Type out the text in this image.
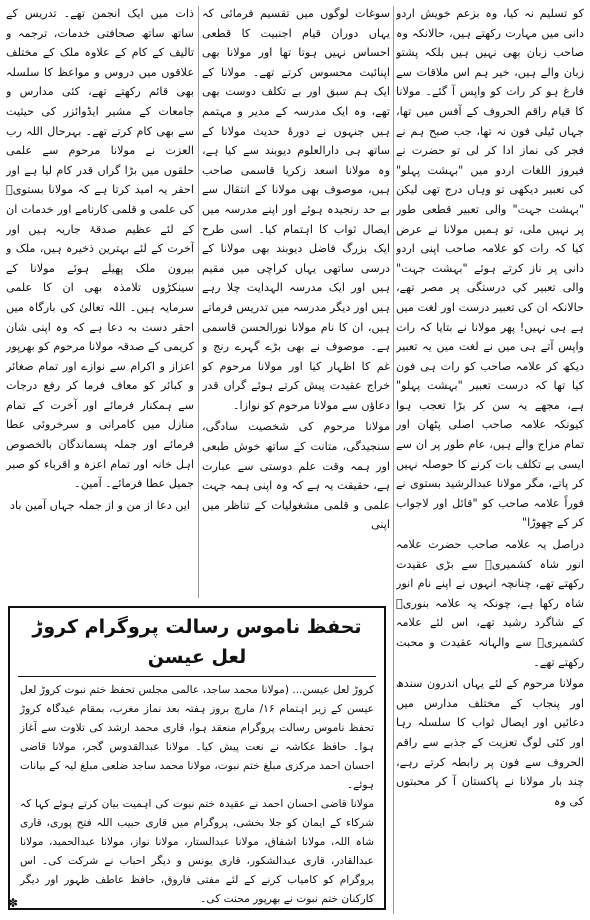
کو تسلیم نہ کیا، وہ بزعم خویش اردو دانی میں مہارت رکھتے ہیں، حالانکہ وہ صاحب زبان بھی نہیں ہیں بلکہ پشتو زبان والے ہیں، خیر ہم اس ملاقات سے فارغ ہو کر رات کو واپس آ گئے۔ مولانا کا قیام راقم الحروف کے آفس میں تھا، جہاں ٹیلی فون نہ تھا، جب صبح ہم نے فجر کی نماز ادا کر لی تو حضرت نے فیروز اللغات اردو میں "بہشت پہلو" کی تعبیر دیکھی تو وہاں درج تھی لیکن "بہشت جہت" والی تعبیر قطعی طور پر نہیں ملی، تو ہمیں مولانا نے عرض کیا کہ رات کو علامہ صاحب اپنی اردو دانی پر ناز کرتے ہوئے "بہشت جہت" والی تعبیر کی درستگی پر مصر تھے، حالانکہ ان کی تعبیر درست اور لغت میں ہے ہی نہیں! پھر مولانا نے بتایا کہ رات واپس آتے ہی میں نے لغت میں یہ تعبیر دیکھ کر علامہ صاحب کو رات ہی فون کیا تھا کہ درست تعبیر "بہشت پہلو" ہے، مجھے یہ سن کر بڑا تعجب ہوا کیونکہ علامہ صاحب اصلی پٹھان اور تمام مزاج والے ہیں، عام طور پر ان سے ایسی بے تکلف بات کرنے کا حوصلہ نہیں کر پاتے، مگر مولانا عبدالرشید بستوی نے فوراً علامہ صاحب کو "قائل اور لاجواب کر کے چھوڑا"

دراصل یہ علامہ صاحب حضرت علامہ انور شاہ کشمیریؒ سے بڑی عقیدت رکھتے تھے، چنانچہ انہوں نے اپنے نام انور شاہ رکھا ہے، چونکہ یہ علامہ بنوریؒ کے شاگرد رشید تھے، اس لئے علامہ کشمیریؒ سے والہانہ عقیدت و محبت رکھتے تھے۔

مولانا مرحوم کے لئے یہاں اندرون سندھ اور پنجاب کے مختلف مدارس میں دعائیں اور ایصال ثواب کا سلسلہ رہا اور کئی لوگ تعزیت کے جذبے سے راقم الحروف سے فون پر رابطہ کرتے رہے، چند بار مولانا نے پاکستان آ کر محبتوں کی وہ

سوغات لوگوں میں تقسیم فرمائی کہ یہاں دوران قیام اجنبیت کا قطعی احساس نہیں ہوتا تھا اور مولانا بھی اپنائیت محسوس کرتے تھے۔ مولانا کے ایک ہم سبق اور بے تکلف دوست بھی تھے، وہ ایک مدرسہ کے مدیر و مہتمم ہیں جنہوں نے دورۂ حدیث مولانا کے ساتھ ہی دارالعلوم دیوبند سے کیا ہے، وہ مولانا اسعد زکریا قاسمی صاحب ہیں، موصوف بھی مولانا کے انتقال سے بے حد رنجیدہ ہوئے اور اپنے مدرسہ میں ایصال ثواب کا اہتمام کیا۔ اسی طرح ایک بزرگ فاضل دیوبند بھی مولانا کے درسی ساتھی یہاں کراچی میں مقیم ہیں اور ایک مدرسہ الہدایت چلا رہے ہیں اور دیگر مدرسہ میں تدریس فرماتے ہیں، ان کا نام مولانا نورالحسن قاسمی ہے۔ موصوف نے بھی بڑے گہرے رنج و غم کا اظہار کیا اور مولانا مرحوم کو خراج عقیدت پیش کرتے ہوئے گراں قدر دعاؤں سے مولانا مرحوم کو نوازا۔

مولانا مرحوم کی شخصیت سادگی، سنجیدگی، متانت کے ساتھ خوش طبعی اور ہمہ وقت علم دوستی سے عبارت ہے، حقیقت یہ ہے کہ وہ اپنی ہمہ جہت علمی و قلمی مشغولیات کے تناظر میں اپنی

ذات میں ایک انجمن تھے۔ تدریس کے ساتھ ساتھ صحافتی خدمات، ترجمہ و تالیف کے کام کے علاوہ ملک کے مختلف علاقوں میں دروس و مواعظ کا سلسلہ بھی قائم رکھتے تھے، کئی مدارس و جامعات کے مشیر ایڈوائزر کی حیثیت سے بھی کام کرتے تھے۔ بہرحال اللہ رب العزت نے مولانا مرحوم سے علمی حلقوں میں بڑا گراں قدر کام لیا ہے اور احقر یہ امید کرتا ہے کہ مولانا بستویؒ کی علمی و قلمی کارنامے اور خدمات ان کے لئے عظیم صدقۂ جاریہ ہیں اور آخرت کے لئے بہترین ذخیرہ ہیں، ملک و بیرون ملک پھیلے ہوئے مولانا کے سینکڑوں تلامذہ بھی ان کا علمی سرمایہ ہیں۔ اللہ تعالیٰ کی بارگاہ میں احقر دست بہ دعا ہے کہ وہ اپنی شان کریمی کے صدقہ مولانا مرحوم کو بھرپور اعزاز و اکرام سے نوازے اور تمام صغائر و کبائر کو معاف فرما کر رفع درجات سے ہمکنار فرمائے اور آخرت کے تمام منازل میں کامرانی و سرخروئی عطا فرمائے اور جملہ پسماندگان بالخصوص اہل خانہ اور تمام اعزہ و اقرباء کو صبر جمیل عطا فرمائے۔ آمین۔

ایں دعا از من و از جملہ جہاں آمین باد

تحفظ ناموس رسالت پروگرام کروڑ لعل عیسن

کروڑ لعل عیسن... (مولانا محمد ساجد، عالمی مجلس تحفظ ختم نبوت کروڑ لعل عیسن کے زیر اہتمام ۱۶/ مارچ بروز ہفتہ بعد نماز مغرب، بمقام عیدگاہ کروڑ تحفظ ناموس رسالت پروگرام منعقد ہوا، قاری محمد ارشد کی تلاوت سے آغاز ہوا۔ حافظ عکاشہ نے نعت پیش کیا۔ مولانا عبدالقدوس گجر، مولانا قاضی احسان احمد مرکزی مبلغ ختم نبوت، مولانا محمد ساجد ضلعی مبلغ لیہ کے بیانات ہوئے۔

مولانا قاضی احسان احمد نے عقیدہ ختم نبوت کی اہمیت بیان کرتے ہوئے کہا کہ شرکاء کے ایمان کو جلا بخشی، پروگرام میں قاری حبیب اللہ فتح پوری، قاری شاہ اللہ، مولانا اشفاق، مولانا عبدالستار، مولانا نواز، مولانا عبدالحمید، مولانا عبدالقادر، قاری عبدالشکور، قاری یونس و دیگر احباب نے شرکت کی۔ اس پروگرام کو کامیاب کرنے کے لئے مفتی فاروق، حافظ عاطف ظہور اور دیگر کارکنان ختم نبوت نے بھرپور محنت کی۔

✽
